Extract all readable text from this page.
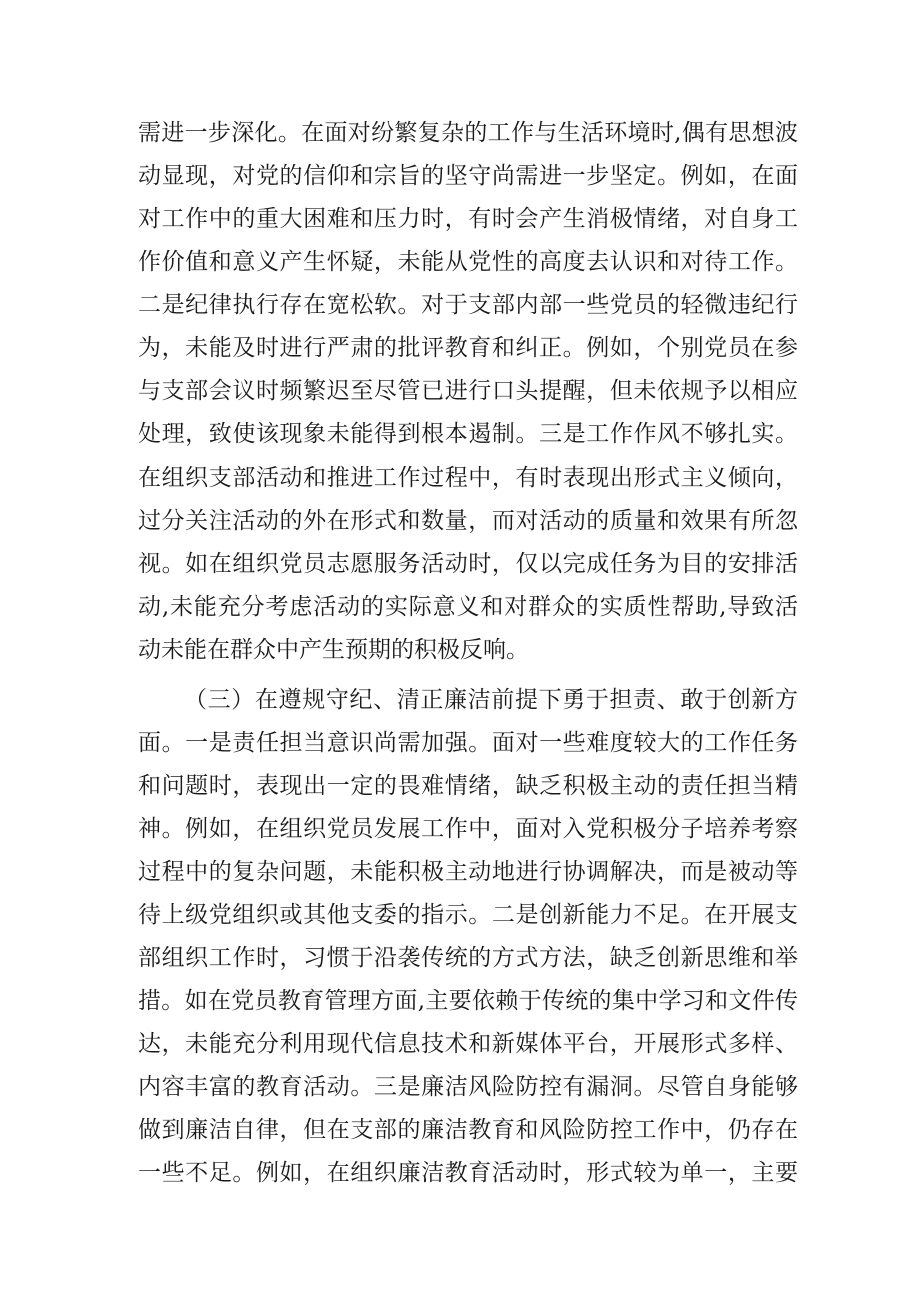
需进一步深化。在面对纷繁复杂的工作与生活环境时,偶有思想波
动显现，对党的信仰和宗旨的坚守尚需进一步坚定。例如，在面
对工作中的重大困难和压力时，有时会产生消极情绪，对自身工
作价值和意义产生怀疑，未能从党性的高度去认识和对待工作。
二是纪律执行存在宽松软。对于支部内部一些党员的轻微违纪行
为，未能及时进行严肃的批评教育和纠正。例如，个别党员在参
与支部会议时频繁迟至尽管已进行口头提醒，但未依规予以相应
处理，致使该现象未能得到根本遏制。三是工作作风不够扎实。
在组织支部活动和推进工作过程中，有时表现出形式主义倾向，
过分关注活动的外在形式和数量，而对活动的质量和效果有所忽
视。如在组织党员志愿服务活动时，仅以完成任务为目的安排活
动,未能充分考虑活动的实际意义和对群众的实质性帮助,导致活
动未能在群众中产生预期的积极反响。
（三）在遵规守纪、清正廉洁前提下勇于担责、敢于创新方
面。一是责任担当意识尚需加强。面对一些难度较大的工作任务
和问题时，表现出一定的畏难情绪，缺乏积极主动的责任担当精
神。例如，在组织党员发展工作中，面对入党积极分子培养考察
过程中的复杂问题，未能积极主动地进行协调解决，而是被动等
待上级党组织或其他支委的指示。二是创新能力不足。在开展支
部组织工作时，习惯于沿袭传统的方式方法，缺乏创新思维和举
措。如在党员教育管理方面,主要依赖于传统的集中学习和文件传
达，未能充分利用现代信息技术和新媒体平台，开展形式多样、
内容丰富的教育活动。三是廉洁风险防控有漏洞。尽管自身能够
做到廉洁自律，但在支部的廉洁教育和风险防控工作中，仍存在
一些不足。例如，在组织廉洁教育活动时，形式较为单一，主要
